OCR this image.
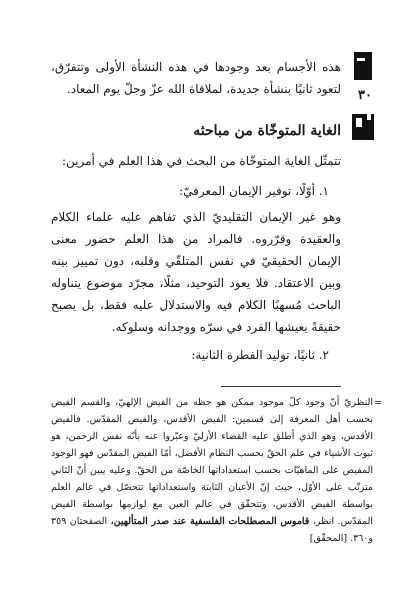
٣٠

هذه الأجسام بعد وجودها في هذه النشأة الأولى وتتفرّق، لتعود ثانيًا بنشأة جديدة، لملاقاة الله عزّ وجلّ يوم المعاد.

الغاية المتوخّاة من مباحثه

تتمثّل الغاية المتوخّاة من البحث في هذا العلم في أمرين:

١. أوّلًا، توفير الإيمان المعرفيّ:

وهو غير الإيمان التقليديّ الذي تفاهم عليه علماء الكلام والعقيدة وقرّروه. فالمراد من هذا العلم حضور معنى الإيمان الحقيقيّ في نفس المتلقّي وقلبه، دون تمييز بينه وبين الاعتقاد. فلا يعود التوحيد، مثلًا، مجرّد موضوع يتناوله الباحث مُسهبًا الكلام فيه والاستدلال عليه فقط، بل يصبح حقيقةً يعيشها الفرد في سرّه ووجدانه وسلوكه.

٢. ثانيًا، توليد الفطرة الثانية:

=
النظريّ أنّ وجود كلّ موجود ممكن هو حظه من الفيض الإلهيّ، والقسم الفيض بحسب أهل المعرفة إلى قسمين: الفيض الأقدس، والفيض المقدّس. فالفيض الأقدس، وهو الذي أطلق عليه القضاء الأزليّ وعبّروا عنه بأنّه نفس الرحمن، هو ثبوت الأشياء في علم الحقّ بحسب النظام الأفضل، أمّا الفيض المقدّس فهو الوجود المفيض على الماهيّات بحسب استعداداتها الخاصّة من الحقّ. وعليه يبين أنّ الثاني مترتّب على الأوّل، حيث إنّ الأعيان الثابتة واستعداداتها تتحصّل في عالم العلم بواسطة الفيض الأقدس، وتتحقّق في عالم العين مع لوازمها بواسطة الفيض المقدّس. انظر، قاموس المصطلحات الفلسفية عند صدر المتألهين، الصفحتان ٣٥٩ و٣٦٠. [المحقّق]
